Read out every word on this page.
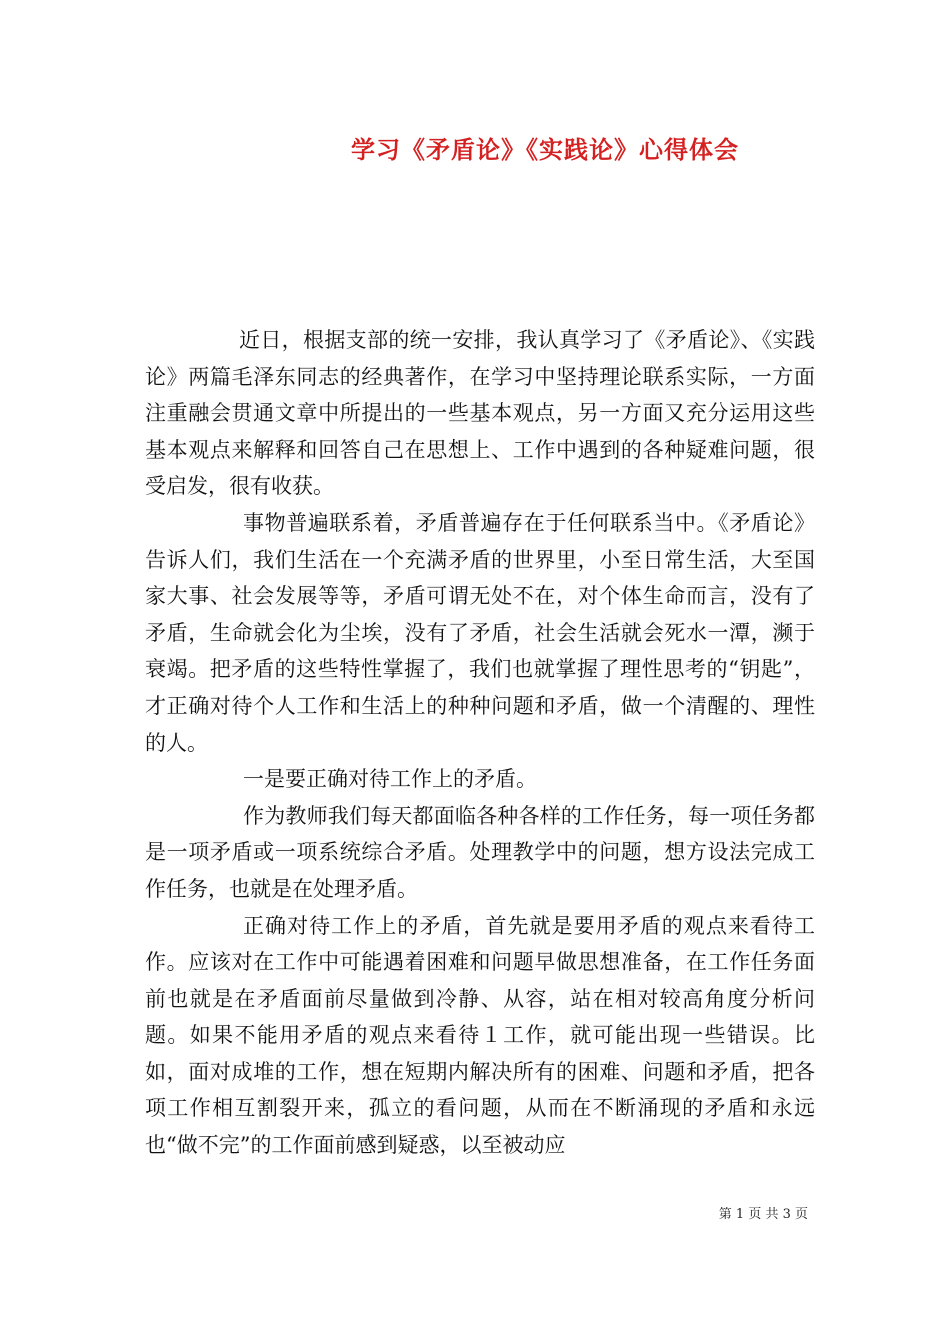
学习《矛盾论》《实践论》心得体会

近日，根据支部的统一安排，我认真学习了《矛盾论》、《实践论》两篇毛泽东同志的经典著作，在学习中坚持理论联系实际，一方面注重融会贯通文章中所提出的一些基本观点，另一方面又充分运用这些基本观点来解释和回答自己在思想上、工作中遇到的各种疑难问题，很受启发，很有收获。

事物普遍联系着，矛盾普遍存在于任何联系当中。《矛盾论》告诉人们，我们生活在一个充满矛盾的世界里，小至日常生活，大至国家大事、社会发展等等，矛盾可谓无处不在，对个体生命而言，没有了矛盾，生命就会化为尘埃，没有了矛盾，社会生活就会死水一潭，濒于衰竭。把矛盾的这些特性掌握了，我们也就掌握了理性思考的“钥匙”，才正确对待个人工作和生活上的种种问题和矛盾，做一个清醒的、理性的人。

一是要正确对待工作上的矛盾。

作为教师我们每天都面临各种各样的工作任务，每一项任务都是一项矛盾或一项系统综合矛盾。处理教学中的问题，想方设法完成工作任务，也就是在处理矛盾。

正确对待工作上的矛盾，首先就是要用矛盾的观点来看待工作。应该对在工作中可能遇着困难和问题早做思想准备，在工作任务面前也就是在矛盾面前尽量做到冷静、从容，站在相对较高角度分析问题。如果不能用矛盾的观点来看待１工作，就可能出现一些错误。比如，面对成堆的工作，想在短期内解决所有的困难、问题和矛盾，把各项工作相互割裂开来，孤立的看问题，从而在不断涌现的矛盾和永远也“做不完”的工作面前感到疑惑，以至被动应

第 1 页 共 3 页
